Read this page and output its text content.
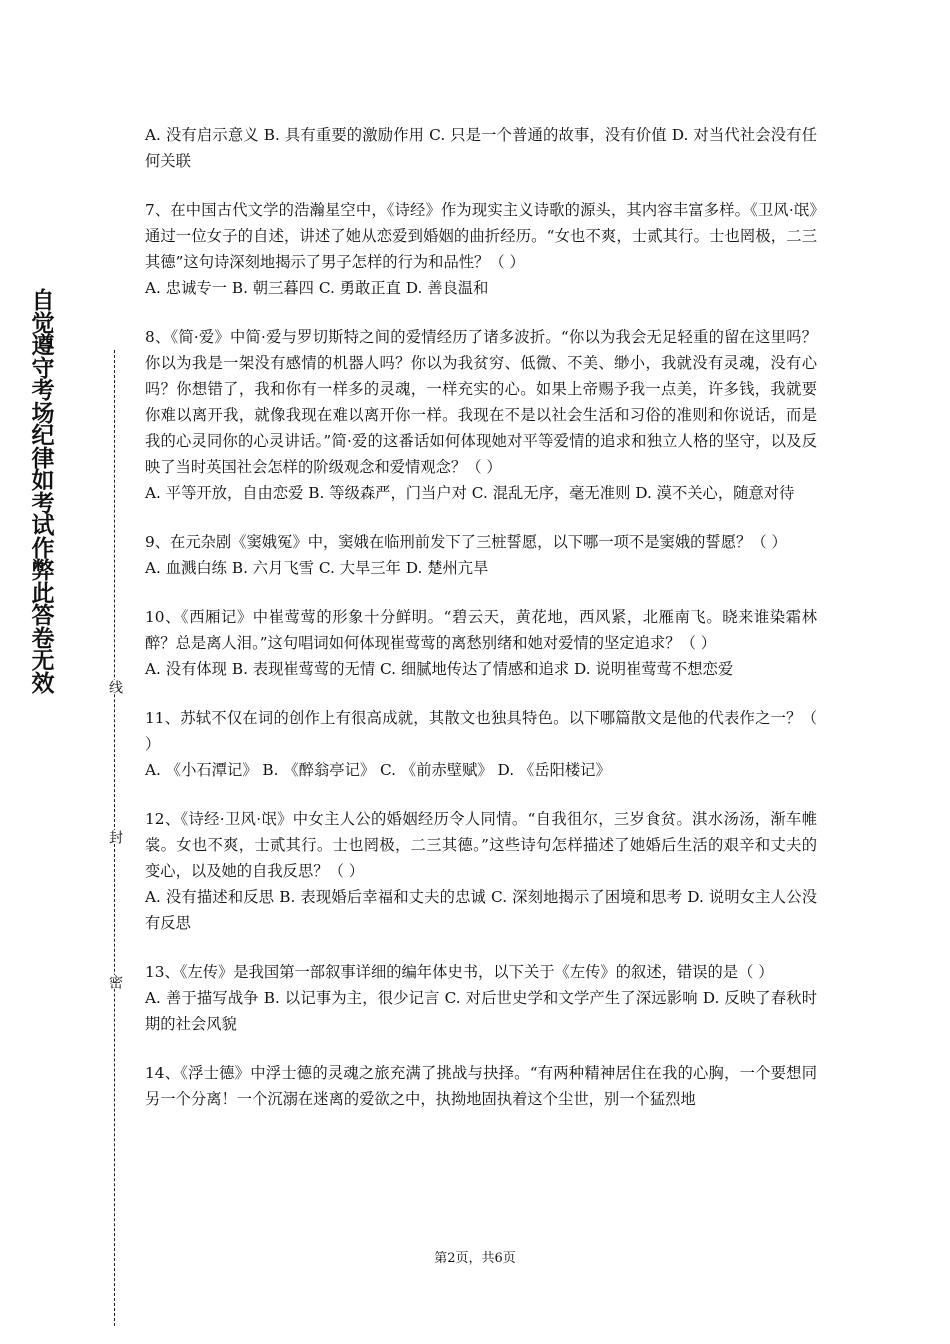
自觉遵守考场纪律如考试作弊此答卷无效	线
封
密

A. 没有启示意义 B. 具有重要的激励作用 C. 只是一个普通的故事，没有价值 D. 对当代社会没有任何关联

7、在中国古代文学的浩瀚星空中，《诗经》作为现实主义诗歌的源头，其内容丰富多样。《卫风·氓》通过一位女子的自述，讲述了她从恋爱到婚姻的曲折经历。“女也不爽，士贰其行。士也罔极，二三其德”这句诗深刻地揭示了男子怎样的行为和品性？（ ）

A. 忠诚专一 B. 朝三暮四 C. 勇敢正直 D. 善良温和

8、《简·爱》中简·爱与罗切斯特之间的爱情经历了诸多波折。“你以为我会无足轻重的留在这里吗？你以为我是一架没有感情的机器人吗？你以为我贫穷、低微、不美、缈小，我就没有灵魂，没有心吗？你想错了，我和你有一样多的灵魂，一样充实的心。如果上帝赐予我一点美，许多钱，我就要你难以离开我，就像我现在难以离开你一样。我现在不是以社会生活和习俗的准则和你说话，而是我的心灵同你的心灵讲话。”简·爱的这番话如何体现她对平等爱情的追求和独立人格的坚守，以及反映了当时英国社会怎样的阶级观念和爱情观念？（ ）

A. 平等开放，自由恋爱 B. 等级森严，门当户对 C. 混乱无序，毫无准则 D. 漠不关心，随意对待

9、在元杂剧《窦娥冤》中，窦娥在临刑前发下了三桩誓愿，以下哪一项不是窦娥的誓愿？（ ）

A. 血溅白练 B. 六月飞雪 C. 大旱三年 D. 楚州亢旱

10、《西厢记》中崔莺莺的形象十分鲜明。“碧云天，黄花地，西风紧，北雁南飞。晓来谁染霜林醉？总是离人泪。”这句唱词如何体现崔莺莺的离愁别绪和她对爱情的坚定追求？（ ）

A. 没有体现 B. 表现崔莺莺的无情 C. 细腻地传达了情感和追求 D. 说明崔莺莺不想恋爱

11、苏轼不仅在词的创作上有很高成就，其散文也独具特色。以下哪篇散文是他的代表作之一？（ ）

A. 《小石潭记》 B. 《醉翁亭记》 C. 《前赤壁赋》 D. 《岳阳楼记》

12、《诗经·卫风·氓》中女主人公的婚姻经历令人同情。“自我徂尔，三岁食贫。淇水汤汤，渐车帷裳。女也不爽，士贰其行。士也罔极，二三其德。”这些诗句怎样描述了她婚后生活的艰辛和丈夫的变心，以及她的自我反思？（ ）

A. 没有描述和反思 B. 表现婚后幸福和丈夫的忠诚 C. 深刻地揭示了困境和思考 D. 说明女主人公没有反思

13、《左传》是我国第一部叙事详细的编年体史书，以下关于《左传》的叙述，错误的是（ ）

A. 善于描写战争 B. 以记事为主，很少记言 C. 对后世史学和文学产生了深远影响 D. 反映了春秋时期的社会风貌

14、《浮士德》中浮士德的灵魂之旅充满了挑战与抉择。“有两种精神居住在我的心胸，一个要想同另一个分离！一个沉溺在迷离的爱欲之中，执拗地固执着这个尘世，别一个猛烈地

第2页，共6页
